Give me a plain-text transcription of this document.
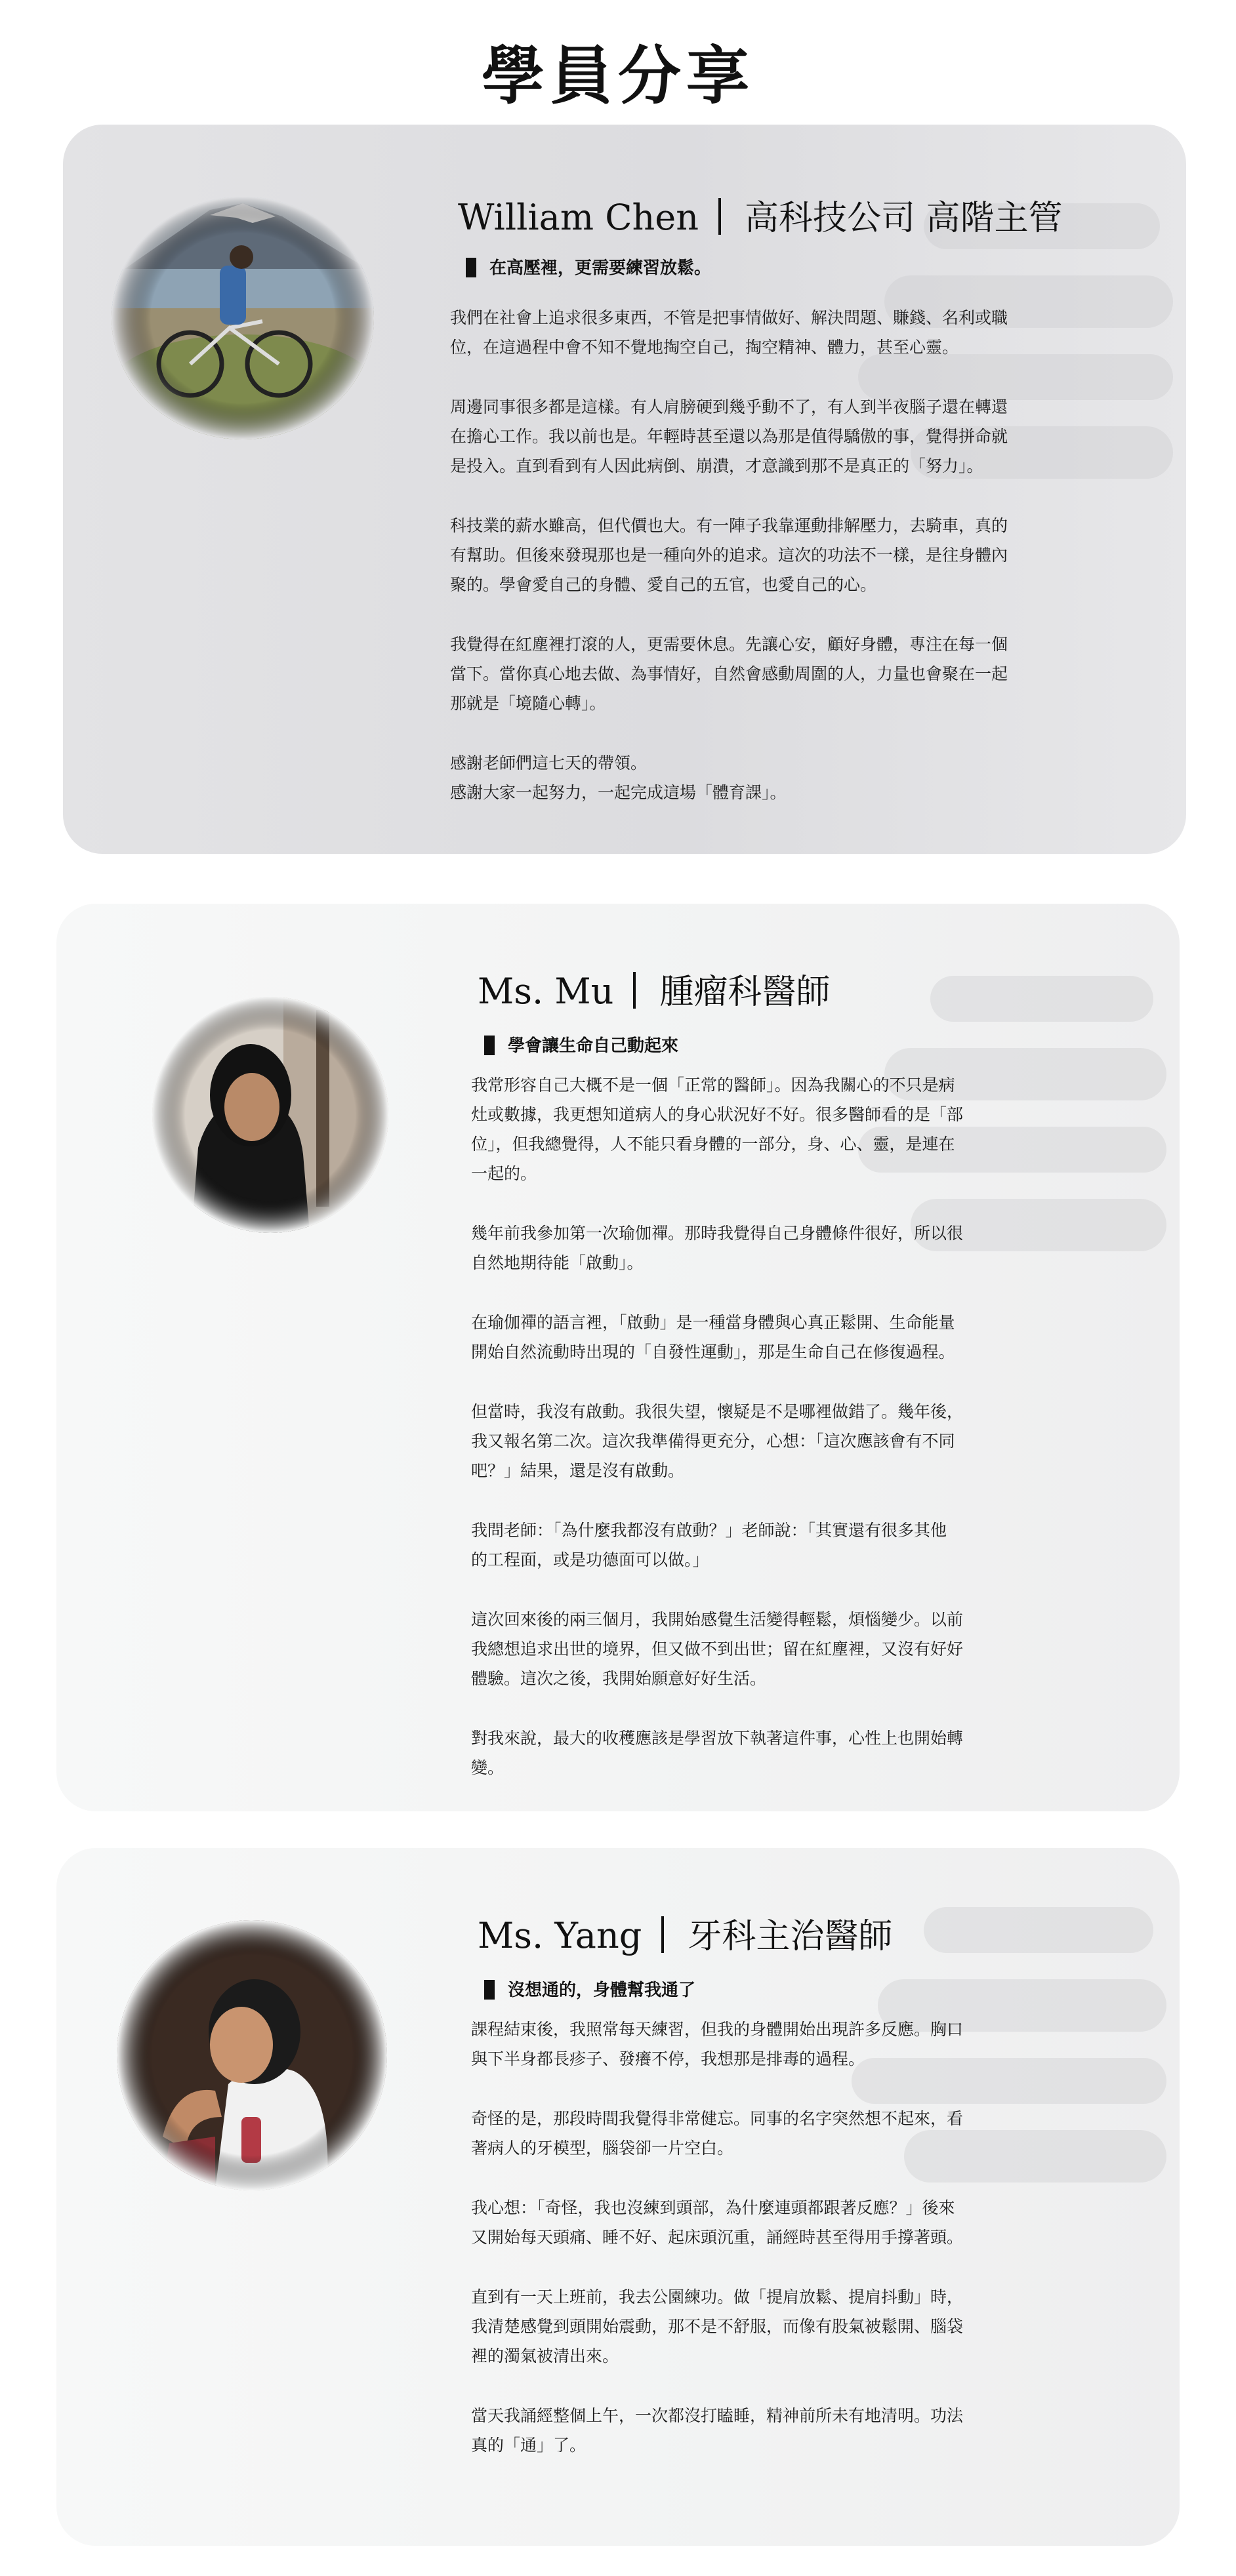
學員分享
William Chen 高科技公司 高階主管
在高壓裡，更需要練習放鬆。

我們在社會上追求很多東西，不管是把事情做好、解決問題、賺錢、名利或職
位，在這過程中會不知不覺地掏空自己，掏空精神、體力，甚至心靈。

周邊同事很多都是這樣。有人肩膀硬到幾乎動不了，有人到半夜腦子還在轉還
在擔心工作。我以前也是。年輕時甚至還以為那是值得驕傲的事，覺得拼命就
是投入。直到看到有人因此病倒、崩潰，才意識到那不是真正的「努力」。

科技業的薪水雖高，但代價也大。有一陣子我靠運動排解壓力，去騎車，真的
有幫助。但後來發現那也是一種向外的追求。這次的功法不一樣，是往身體內
聚的。學會愛自己的身體、愛自己的五官，也愛自己的心。

我覺得在紅塵裡打滾的人，更需要休息。先讓心安，顧好身體，專注在每一個
當下。當你真心地去做、為事情好，自然會感動周圍的人，力量也會聚在一起
那就是「境隨心轉」。

感謝老師們這七天的帶領。
感謝大家一起努力，一起完成這場「體育課」。

Ms. Mu 腫瘤科醫師
學會讓生命自己動起來

我常形容自己大概不是一個「正常的醫師」。因為我關心的不只是病
灶或數據，我更想知道病人的身心狀況好不好。很多醫師看的是「部
位」，但我總覺得，人不能只看身體的一部分，身、心、靈，是連在
一起的。

幾年前我參加第一次瑜伽禪。那時我覺得自己身體條件很好，所以很
自然地期待能「啟動」。

在瑜伽禪的語言裡，「啟動」是一種當身體與心真正鬆開、生命能量
開始自然流動時出現的「自發性運動」，那是生命自己在修復過程。

但當時，我沒有啟動。我很失望，懷疑是不是哪裡做錯了。幾年後，
我又報名第二次。這次我準備得更充分，心想：「這次應該會有不同
吧？」結果，還是沒有啟動。

我問老師：「為什麼我都沒有啟動？」老師說：「其實還有很多其他
的工程面，或是功德面可以做。」

這次回來後的兩三個月，我開始感覺生活變得輕鬆，煩惱變少。以前
我總想追求出世的境界，但又做不到出世；留在紅塵裡，又沒有好好
體驗。這次之後，我開始願意好好生活。

對我來說，最大的收穫應該是學習放下執著這件事，心性上也開始轉
變。

Ms. Yang 牙科主治醫師
沒想通的，身體幫我通了

課程結束後，我照常每天練習，但我的身體開始出現許多反應。胸口
與下半身都長疹子、發癢不停，我想那是排毒的過程。

奇怪的是，那段時間我覺得非常健忘。同事的名字突然想不起來，看
著病人的牙模型，腦袋卻一片空白。

我心想：「奇怪，我也沒練到頭部，為什麼連頭都跟著反應？」後來
又開始每天頭痛、睡不好、起床頭沉重，誦經時甚至得用手撐著頭。

直到有一天上班前，我去公園練功。做「提肩放鬆、提肩抖動」時，
我清楚感覺到頭開始震動，那不是不舒服，而像有股氣被鬆開、腦袋
裡的濁氣被清出來。

當天我誦經整個上午，一次都沒打瞌睡，精神前所未有地清明。功法
真的「通」了。
